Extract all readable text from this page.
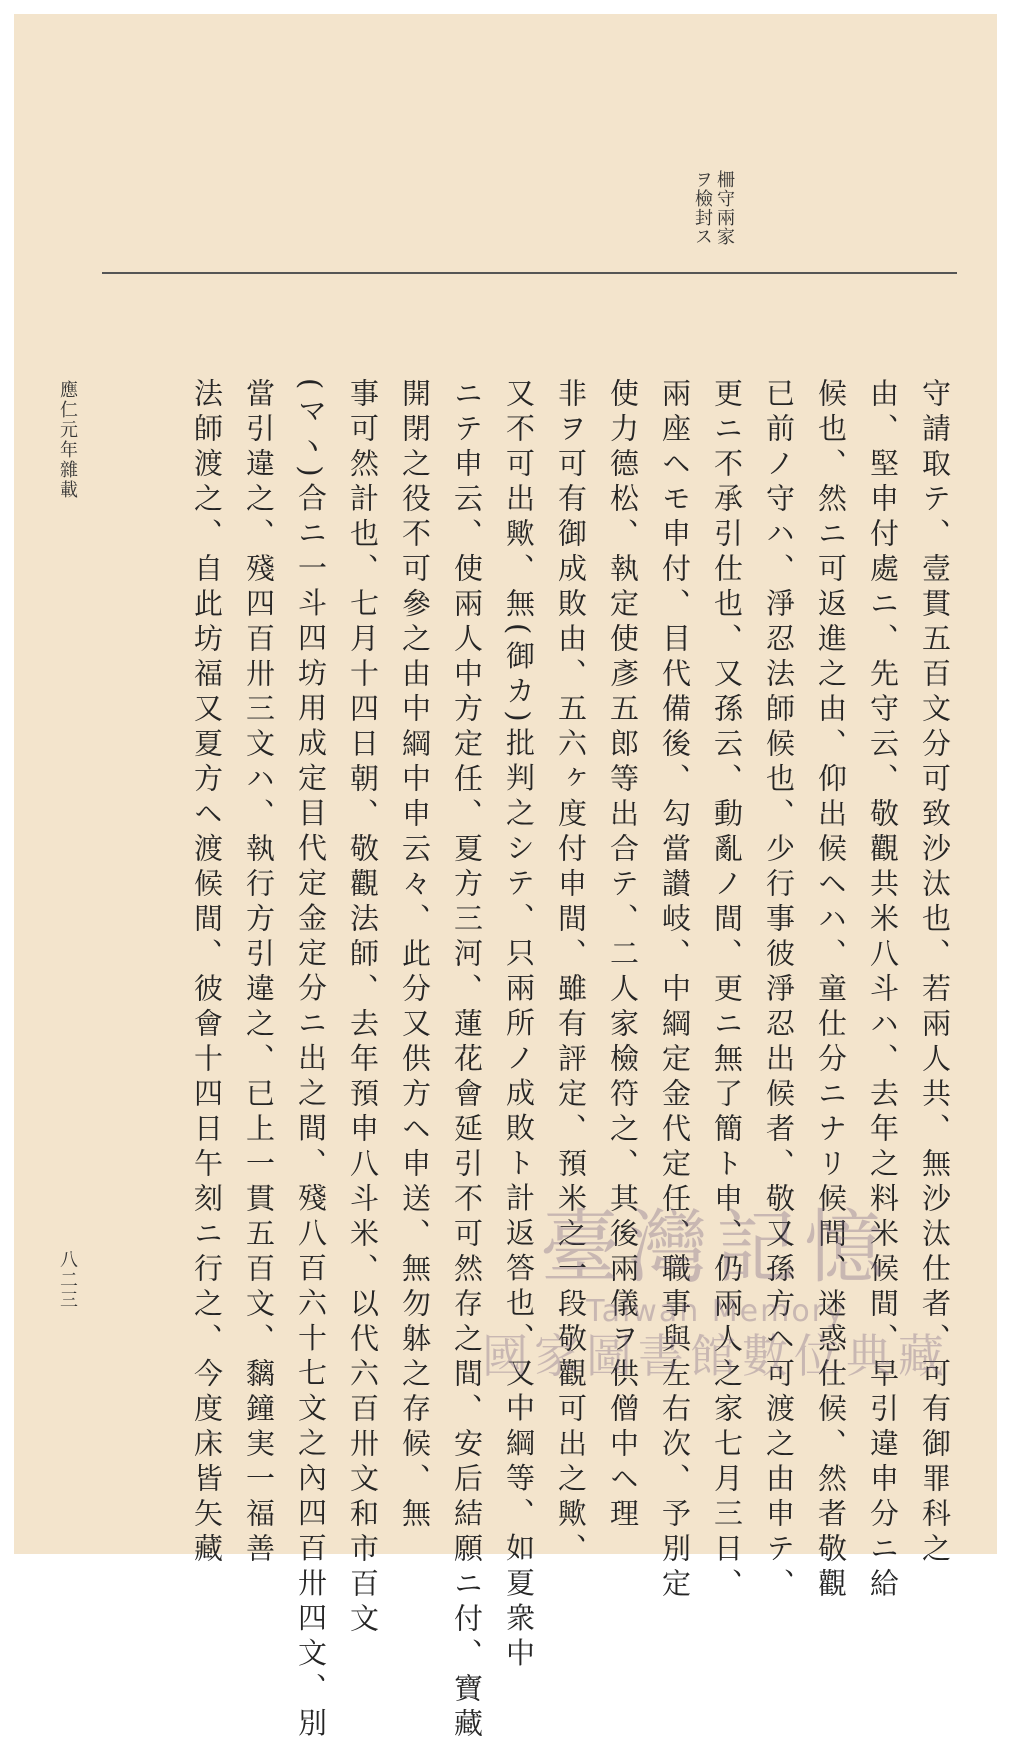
柵守兩家
ヲ檢封ス
守請取テ、壹貫五百文分可致沙汰也、若兩人共、無沙汰仕者、可有御罪科之
由、堅申付處ニ、先守云、敬觀共米八斗ハ、去年之料米候間、早引違申分ニ給
候也、然ニ可返進之由、仰出候ヘハ、童仕分ニナリ候間、迷惑仕候、然者敬觀
已前ノ守ハ、淨忍法師候也、少行事彼淨忍出候者、敬又孫方ヘ可渡之由申テ、
更ニ不承引仕也、又孫云、動亂ノ間、更ニ無了簡ト申、仍兩人之家七月三日、
兩座ヘモ申付、目代備後、勾當讃岐、中綱定金代定任、職事與左右次、予別定
使力德松、執定使彥五郎等出合テ、二人家檢符之、其後兩儀ヲ供僧中ヘ理
非ヲ可有御成敗由、五六ヶ度付申間、雖有評定、預米之一段敬觀可出之歟、
又不可出歟、無(御カ)批判之シテ、只兩所ノ成敗ト計返答也、又中綱等、如夏衆中
ニテ申云、使兩人中方定任、夏方三河、蓮花會延引不可然存之間、安后結願ニ付、寶藏
開閉之役不可參之由中綱中申云々、此分又供方ヘ申送、無勿躰之存候、無
事可然計也、七月十四日朝、敬觀法師、去年預申八斗米、以代六百卅文和市百文
(マヽ)合ニ一斗四坊用成定目代定金定分ニ出之間、殘八百六十七文之內四百卅四文、別
當引違之、殘四百卅三文ハ、執行方引違之、已上一貫五百文、黐鐘実一福善
法師渡之、自此坊福又夏方ヘ渡候間、彼會十四日午刻ニ行之、今度床皆矢藏
應仁元年雜載
八二三	臺灣記憶
Taiwan Memory
國家圖書館數位典藏
